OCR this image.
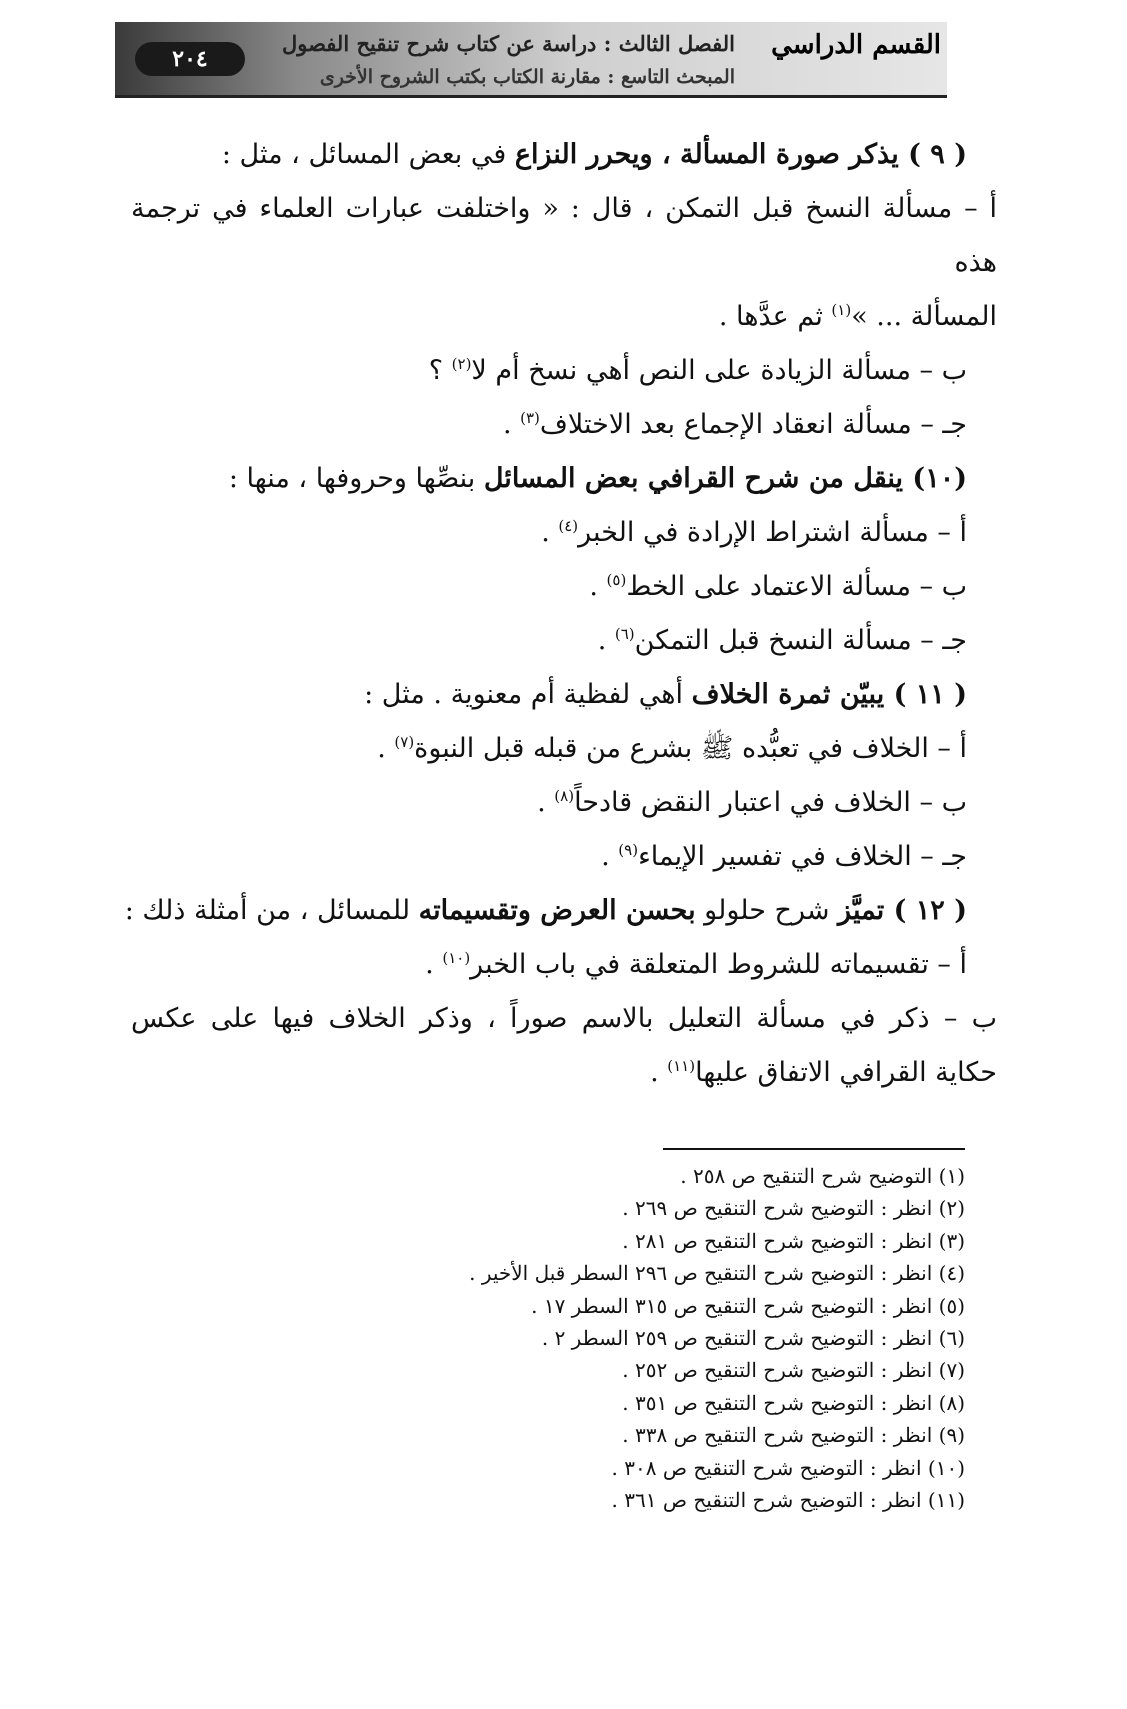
القسم الدراسي
الفصل الثالث : دراسة عن كتاب شرح تنقيح الفصول
المبحث التاسع : مقارنة الكتاب بكتب الشروح الأخرى
٢٠٤
( ٩ ) يذكر صورة المسألة ، ويحرر النزاع في بعض المسائل ، مثل :
أ – مسألة النسخ قبل التمكن ، قال : « واختلفت عبارات العلماء في ترجمة هذه
المسألة ... »$^{(١)}$ ثم عدَّها .
ب – مسألة الزيادة على النص أهي نسخ أم لا$^{(٢)}$ ؟
جـ – مسألة انعقاد الإجماع بعد الاختلاف$^{(٣)}$ .
(١٠) ينقل من شرح القرافي بعض المسائل بنصِّها وحروفها ، منها :
أ – مسألة اشتراط الإرادة في الخبر$^{(٤)}$ .
ب – مسألة الاعتماد على الخط$^{(٥)}$ .
جـ – مسألة النسخ قبل التمكن$^{(٦)}$ .
( ١١ ) يبيّن ثمرة الخلاف أهي لفظية أم معنوية . مثل :
أ – الخلاف في تعبُّده ﷺ بشرع من قبله قبل النبوة$^{(٧)}$ .
ب – الخلاف في اعتبار النقض قادحاً$^{(٨)}$ .
جـ – الخلاف في تفسير الإيماء$^{(٩)}$ .
( ١٢ ) تميَّز شرح حلولو بحسن العرض وتقسيماته للمسائل ، من أمثلة ذلك :
أ – تقسيماته للشروط المتعلقة في باب الخبر$^{(١٠)}$ .
ب – ذكر في مسألة التعليل بالاسم صوراً ، وذكر الخلاف فيها على عكس
حكاية القرافي الاتفاق عليها$^{(١١)}$ .
(١) التوضيح شرح التنقيح ص ٢٥٨ .
(٢) انظر : التوضيح شرح التنقيح ص ٢٦٩ .
(٣) انظر : التوضيح شرح التنقيح ص ٢٨١ .
(٤) انظر : التوضيح شرح التنقيح ص ٢٩٦ السطر قبل الأخير .
(٥) انظر : التوضيح شرح التنقيح ص ٣١٥ السطر ١٧ .
(٦) انظر : التوضيح شرح التنقيح ص ٢٥٩ السطر ٢ .
(٧) انظر : التوضيح شرح التنقيح ص ٢٥٢ .
(٨) انظر : التوضيح شرح التنقيح ص ٣٥١ .
(٩) انظر : التوضيح شرح التنقيح ص ٣٣٨ .
(١٠) انظر : التوضيح شرح التنقيح ص ٣٠٨ .
(١١) انظر : التوضيح شرح التنقيح ص ٣٦١ .
